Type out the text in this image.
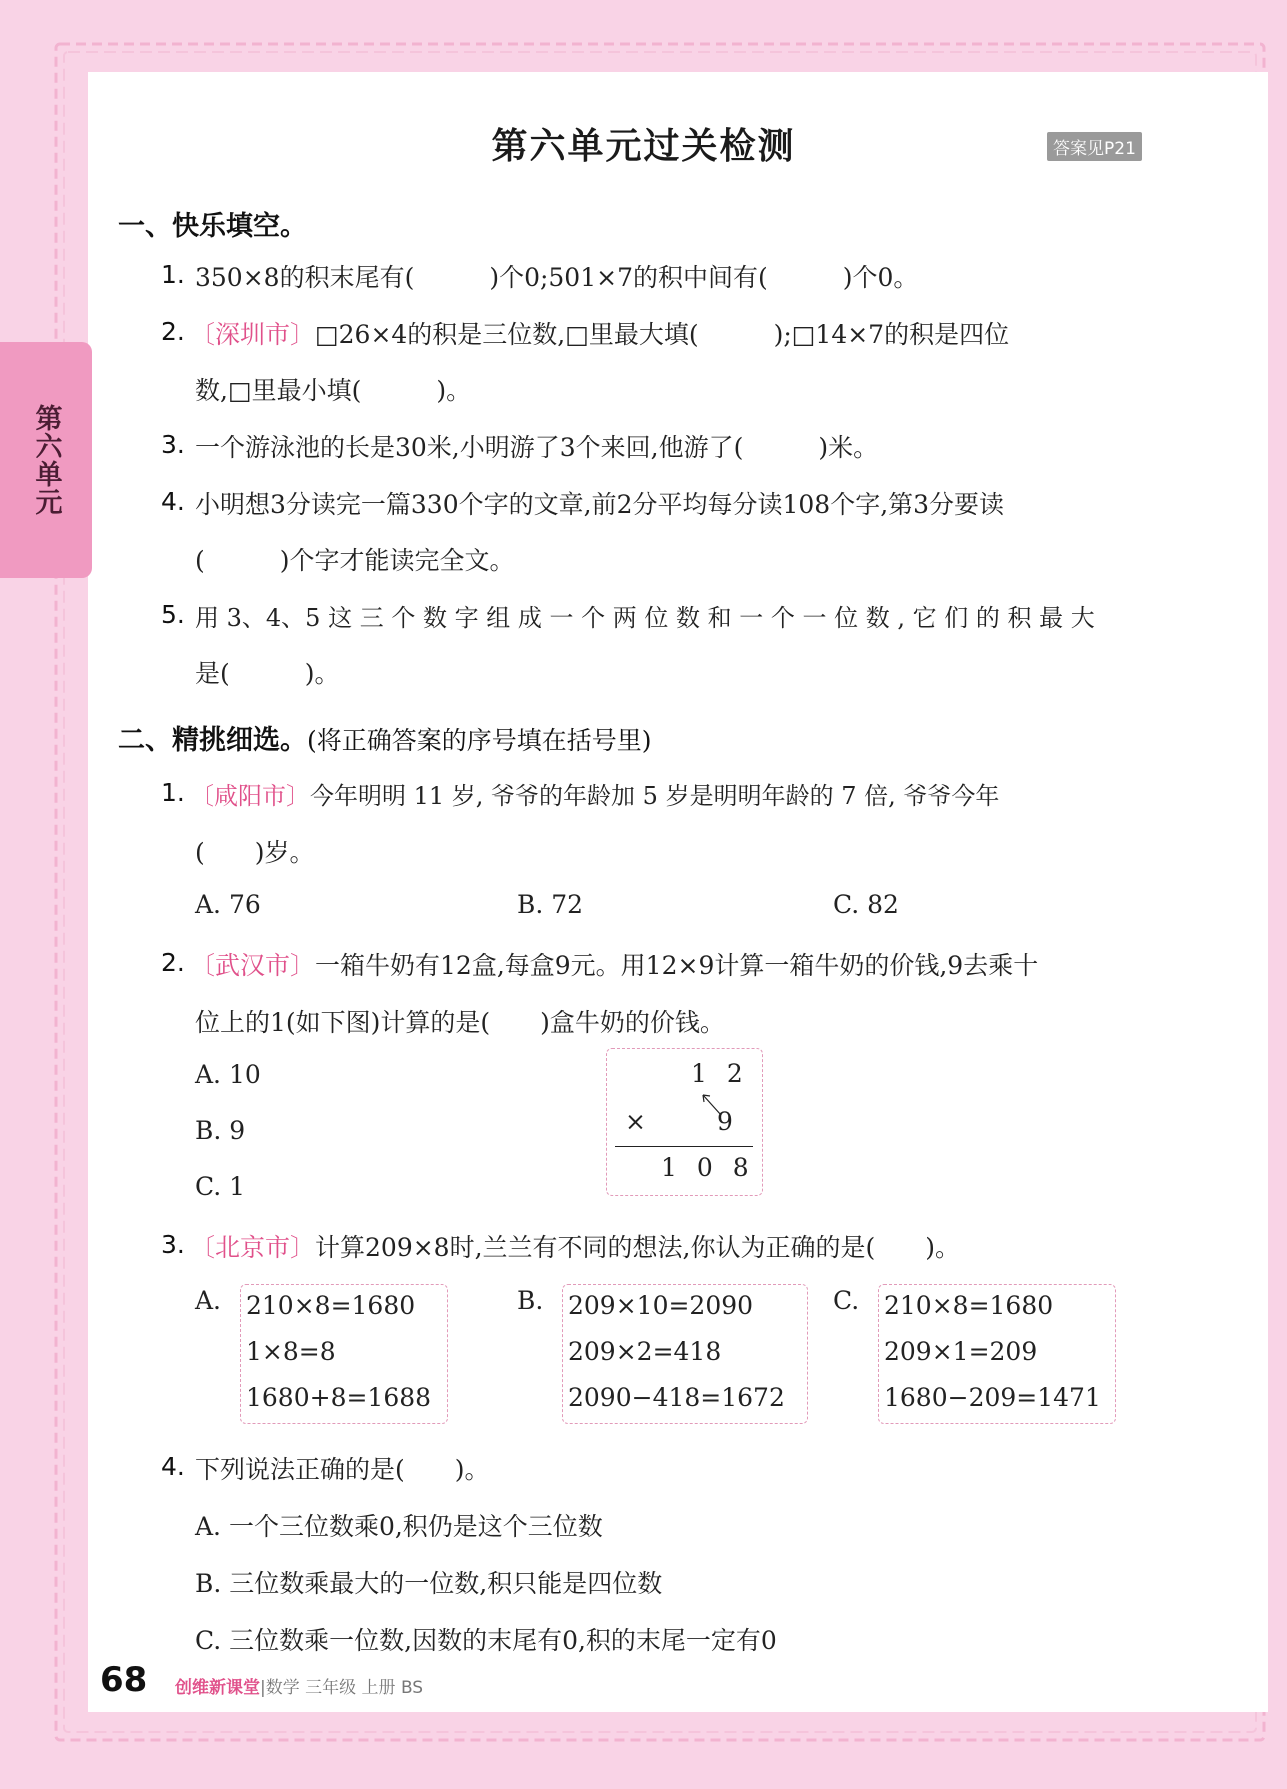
第六单元
第六单元过关检测	答案见P21
一、快乐填空。
1. 350×8的积末尾有(　　　)个0;501×7的积中间有(　　　)个0。
2. 〔深圳市〕□26×4的积是三位数,□里最大填(　　　);□14×7的积是四位
数,□里最小填(　　　)。
3. 一个游泳池的长是30米,小明游了3个来回,他游了(　　　)米。
4. 小明想3分读完一篇330个字的文章,前2分平均每分读108个字,第3分要读
(　　　)个字才能读完全文。
5. 用 3、4、5 这 三 个 数 字 组 成 一 个 两 位 数 和 一 个 一 位 数 , 它 们 的 积 最 大
是(　　　)。
二、精挑细选。(将正确答案的序号填在括号里)
1. 〔咸阳市〕今年明明 11 岁, 爷爷的年龄加 5 岁是明明年龄的 7 倍, 爷爷今年
(　　)岁。
A. 76	B. 72	C. 82
2. 〔武汉市〕一箱牛奶有12盒,每盒9元。用12×9计算一箱牛奶的价钱,9去乘十
位上的1(如下图)计算的是(　　)盒牛奶的价钱。
A. 10
B. 9
C. 1
1 2
×	9
1 0 8
3. 〔北京市〕计算209×8时,兰兰有不同的想法,你认为正确的是(　　)。
A. 210×8=1680
1×8=8
1680+8=1688
B. 209×10=2090
209×2=418
2090−418=1672
C. 210×8=1680
209×1=209
1680−209=1471
4. 下列说法正确的是(　　)。
A. 一个三位数乘0,积仍是这个三位数
B. 三位数乘最大的一位数,积只能是四位数
C. 三位数乘一位数,因数的末尾有0,积的末尾一定有0
68 创维新课堂|数学 三年级 上册 BS
